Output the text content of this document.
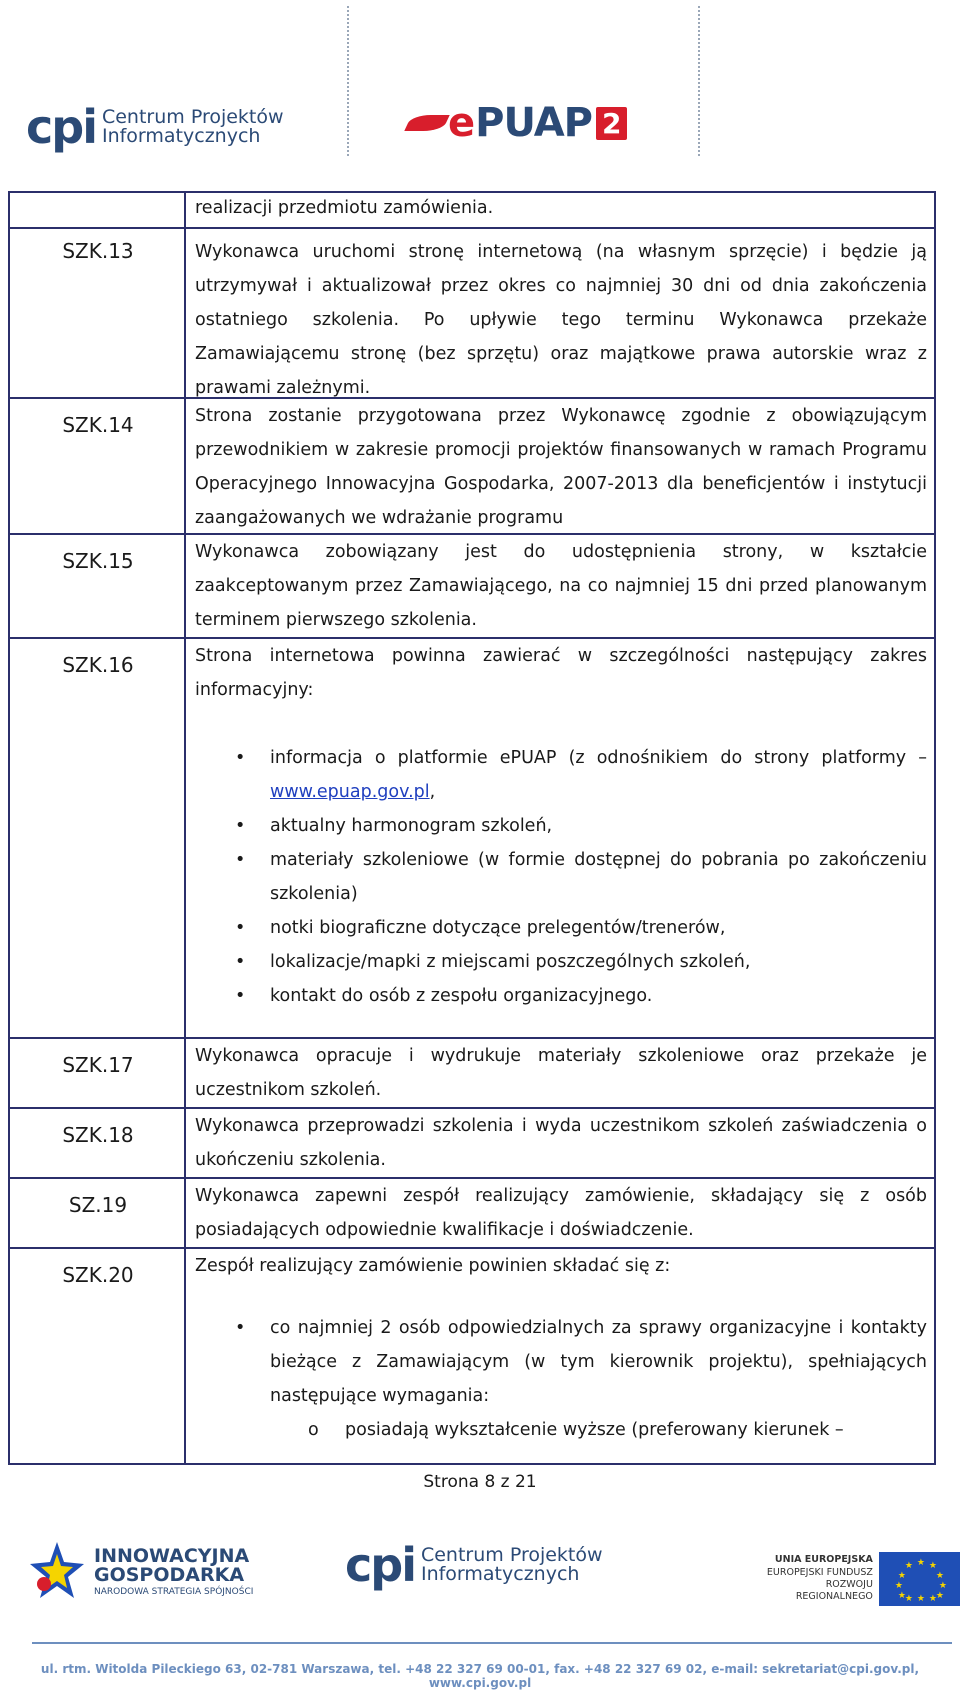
cpi Centrum Projektów
Informatycznych	e PUAP 2

realizacji przedmiotu zamówienia.

SZK.13	Wykonawca uruchomi stronę internetową (na własnym sprzęcie) i będzie ją utrzymywał i aktualizował przez okres co najmniej 30 dni od dnia zakończenia ostatniego szkolenia. Po upływie tego terminu Wykonawca przekaże Zamawiającemu stronę (bez sprzętu) oraz majątkowe prawa autorskie wraz z prawami zależnymi.

SZK.14	Strona zostanie przygotowana przez Wykonawcę zgodnie z obowiązującym przewodnikiem w zakresie promocji projektów finansowanych w ramach Programu Operacyjnego Innowacyjna Gospodarka, 2007-2013 dla beneficjentów i instytucji zaangażowanych we wdrażanie programu

SZK.15	Wykonawca zobowiązany jest do udostępnienia strony, w kształcie zaakceptowanym przez Zamawiającego, na co najmniej 15 dni przed planowanym terminem pierwszego szkolenia.

SZK.16	Strona internetowa powinna zawierać w szczególności następujący zakres informacyjny:

• informacja o platformie ePUAP (z odnośnikiem do strony platformy – www.epuap.gov.pl,
• aktualny harmonogram szkoleń,
• materiały szkoleniowe (w formie dostępnej do pobrania po zakończeniu szkolenia)
• notki biograficzne dotyczące prelegentów/trenerów,
• lokalizacje/mapki z miejscami poszczególnych szkoleń,
• kontakt do osób z zespołu organizacyjnego.
SZK.17	Wykonawca opracuje i wydrukuje materiały szkoleniowe oraz przekaże je uczestnikom szkoleń.

SZK.18	Wykonawca przeprowadzi szkolenia i wyda uczestnikom szkoleń zaświadczenia o ukończeniu szkolenia.

SZ.19	Wykonawca zapewni zespół realizujący zamówienie, składający się z osób posiadających odpowiednie kwalifikacje i doświadczenie.

SZK.20	Zespół realizujący zamówienie powinien składać się z:

• co najmniej 2 osób odpowiedzialnych za sprawy organizacyjne i kontakty bieżące z Zamawiającym (w tym kierownik projektu), spełniających następujące wymagania:
o posiadają wykształcenie wyższe (preferowany kierunek –
Strona 8 z 21
INNOWACYJNA
GOSPODARKA
NARODOWA STRATEGIA SPÓJNOŚCI cpi Centrum Projektów
Informatycznych
UNIA EUROPEJSKA
EUROPEJSKI FUNDUSZ
ROZWOJU REGIONALNEGO
★ ★
★
★
★
★
★
★
★
★
★ ★
ul. rtm. Witolda Pileckiego 63, 02-781 Warszawa, tel. +48 22 327 69 00-01, fax. +48 22 327 69 02, e-mail: sekretariat@cpi.gov.pl, www.cpi.gov.pl
